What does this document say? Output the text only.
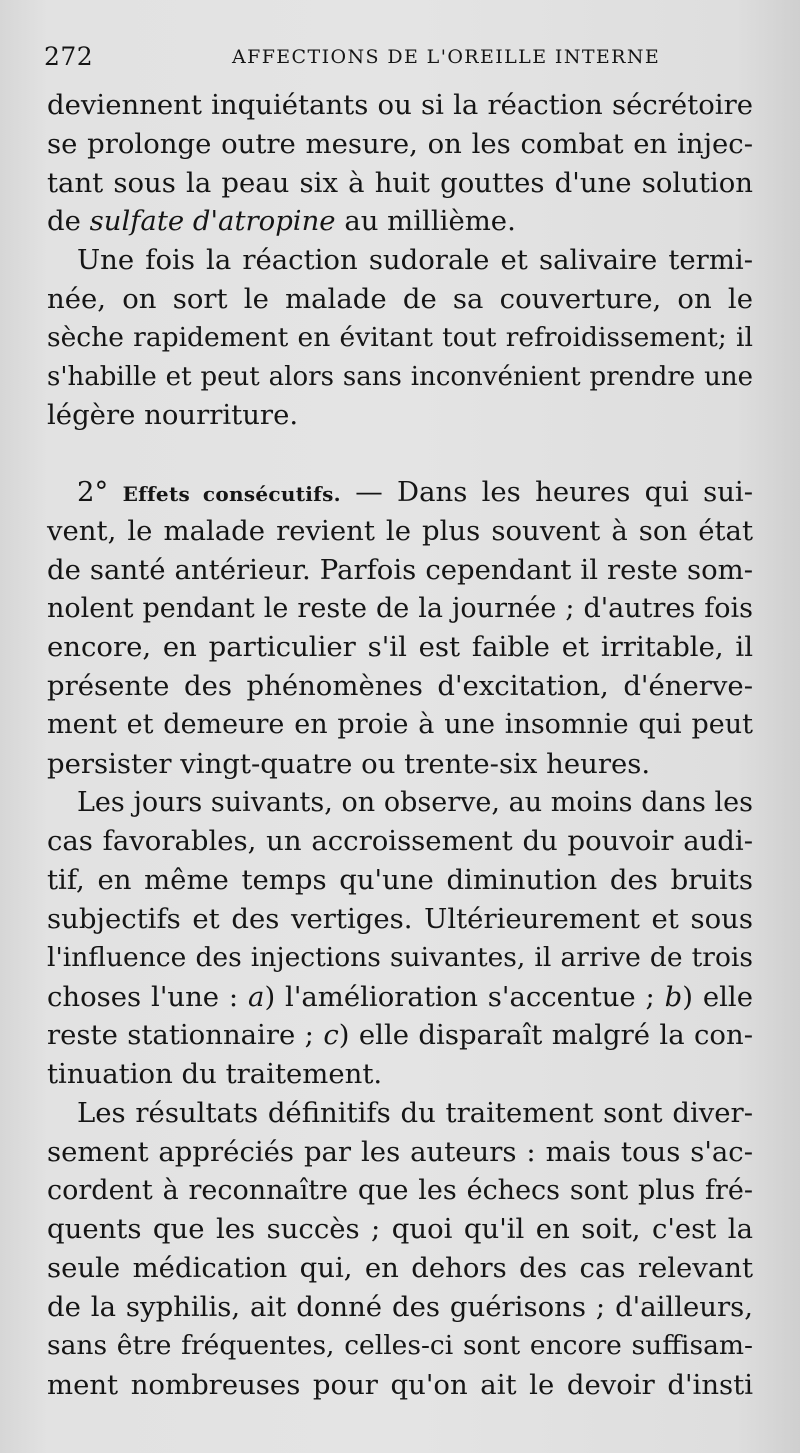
272	AFFECTIONS DE L'OREILLE INTERNE
deviennent inquiétants ou si la réaction sécrétoire
se prolonge outre mesure, on les combat en injec-
tant sous la peau six à huit gouttes d'une solution
de sulfate d'atropine au millième.
Une fois la réaction sudorale et salivaire termi-
née, on sort le malade de sa couverture, on le
sèche rapidement en évitant tout refroidissement; il
s'habille et peut alors sans inconvénient prendre une
légère nourriture.
2° Effets consécutifs. — Dans les heures qui sui-
vent, le malade revient le plus souvent à son état
de santé antérieur. Parfois cependant il reste som-
nolent pendant le reste de la journée ; d'autres fois
encore, en particulier s'il est faible et irritable, il
présente des phénomènes d'excitation, d'énerve-
ment et demeure en proie à une insomnie qui peut
persister vingt-quatre ou trente-six heures.
Les jours suivants, on observe, au moins dans les
cas favorables, un accroissement du pouvoir audi-
tif, en même temps qu'une diminution des bruits
subjectifs et des vertiges. Ultérieurement et sous
l'influence des injections suivantes, il arrive de trois
choses l'une : a) l'amélioration s'accentue ; b) elle
reste stationnaire ; c) elle disparaît malgré la con-
tinuation du traitement.
Les résultats définitifs du traitement sont diver-
sement appréciés par les auteurs : mais tous s'ac-
cordent à reconnaître que les échecs sont plus fré-
quents que les succès ; quoi qu'il en soit, c'est la
seule médication qui, en dehors des cas relevant
de la syphilis, ait donné des guérisons ; d'ailleurs,
sans être fréquentes, celles-ci sont encore suffisam-
ment nombreuses pour qu'on ait le devoir d'insti
